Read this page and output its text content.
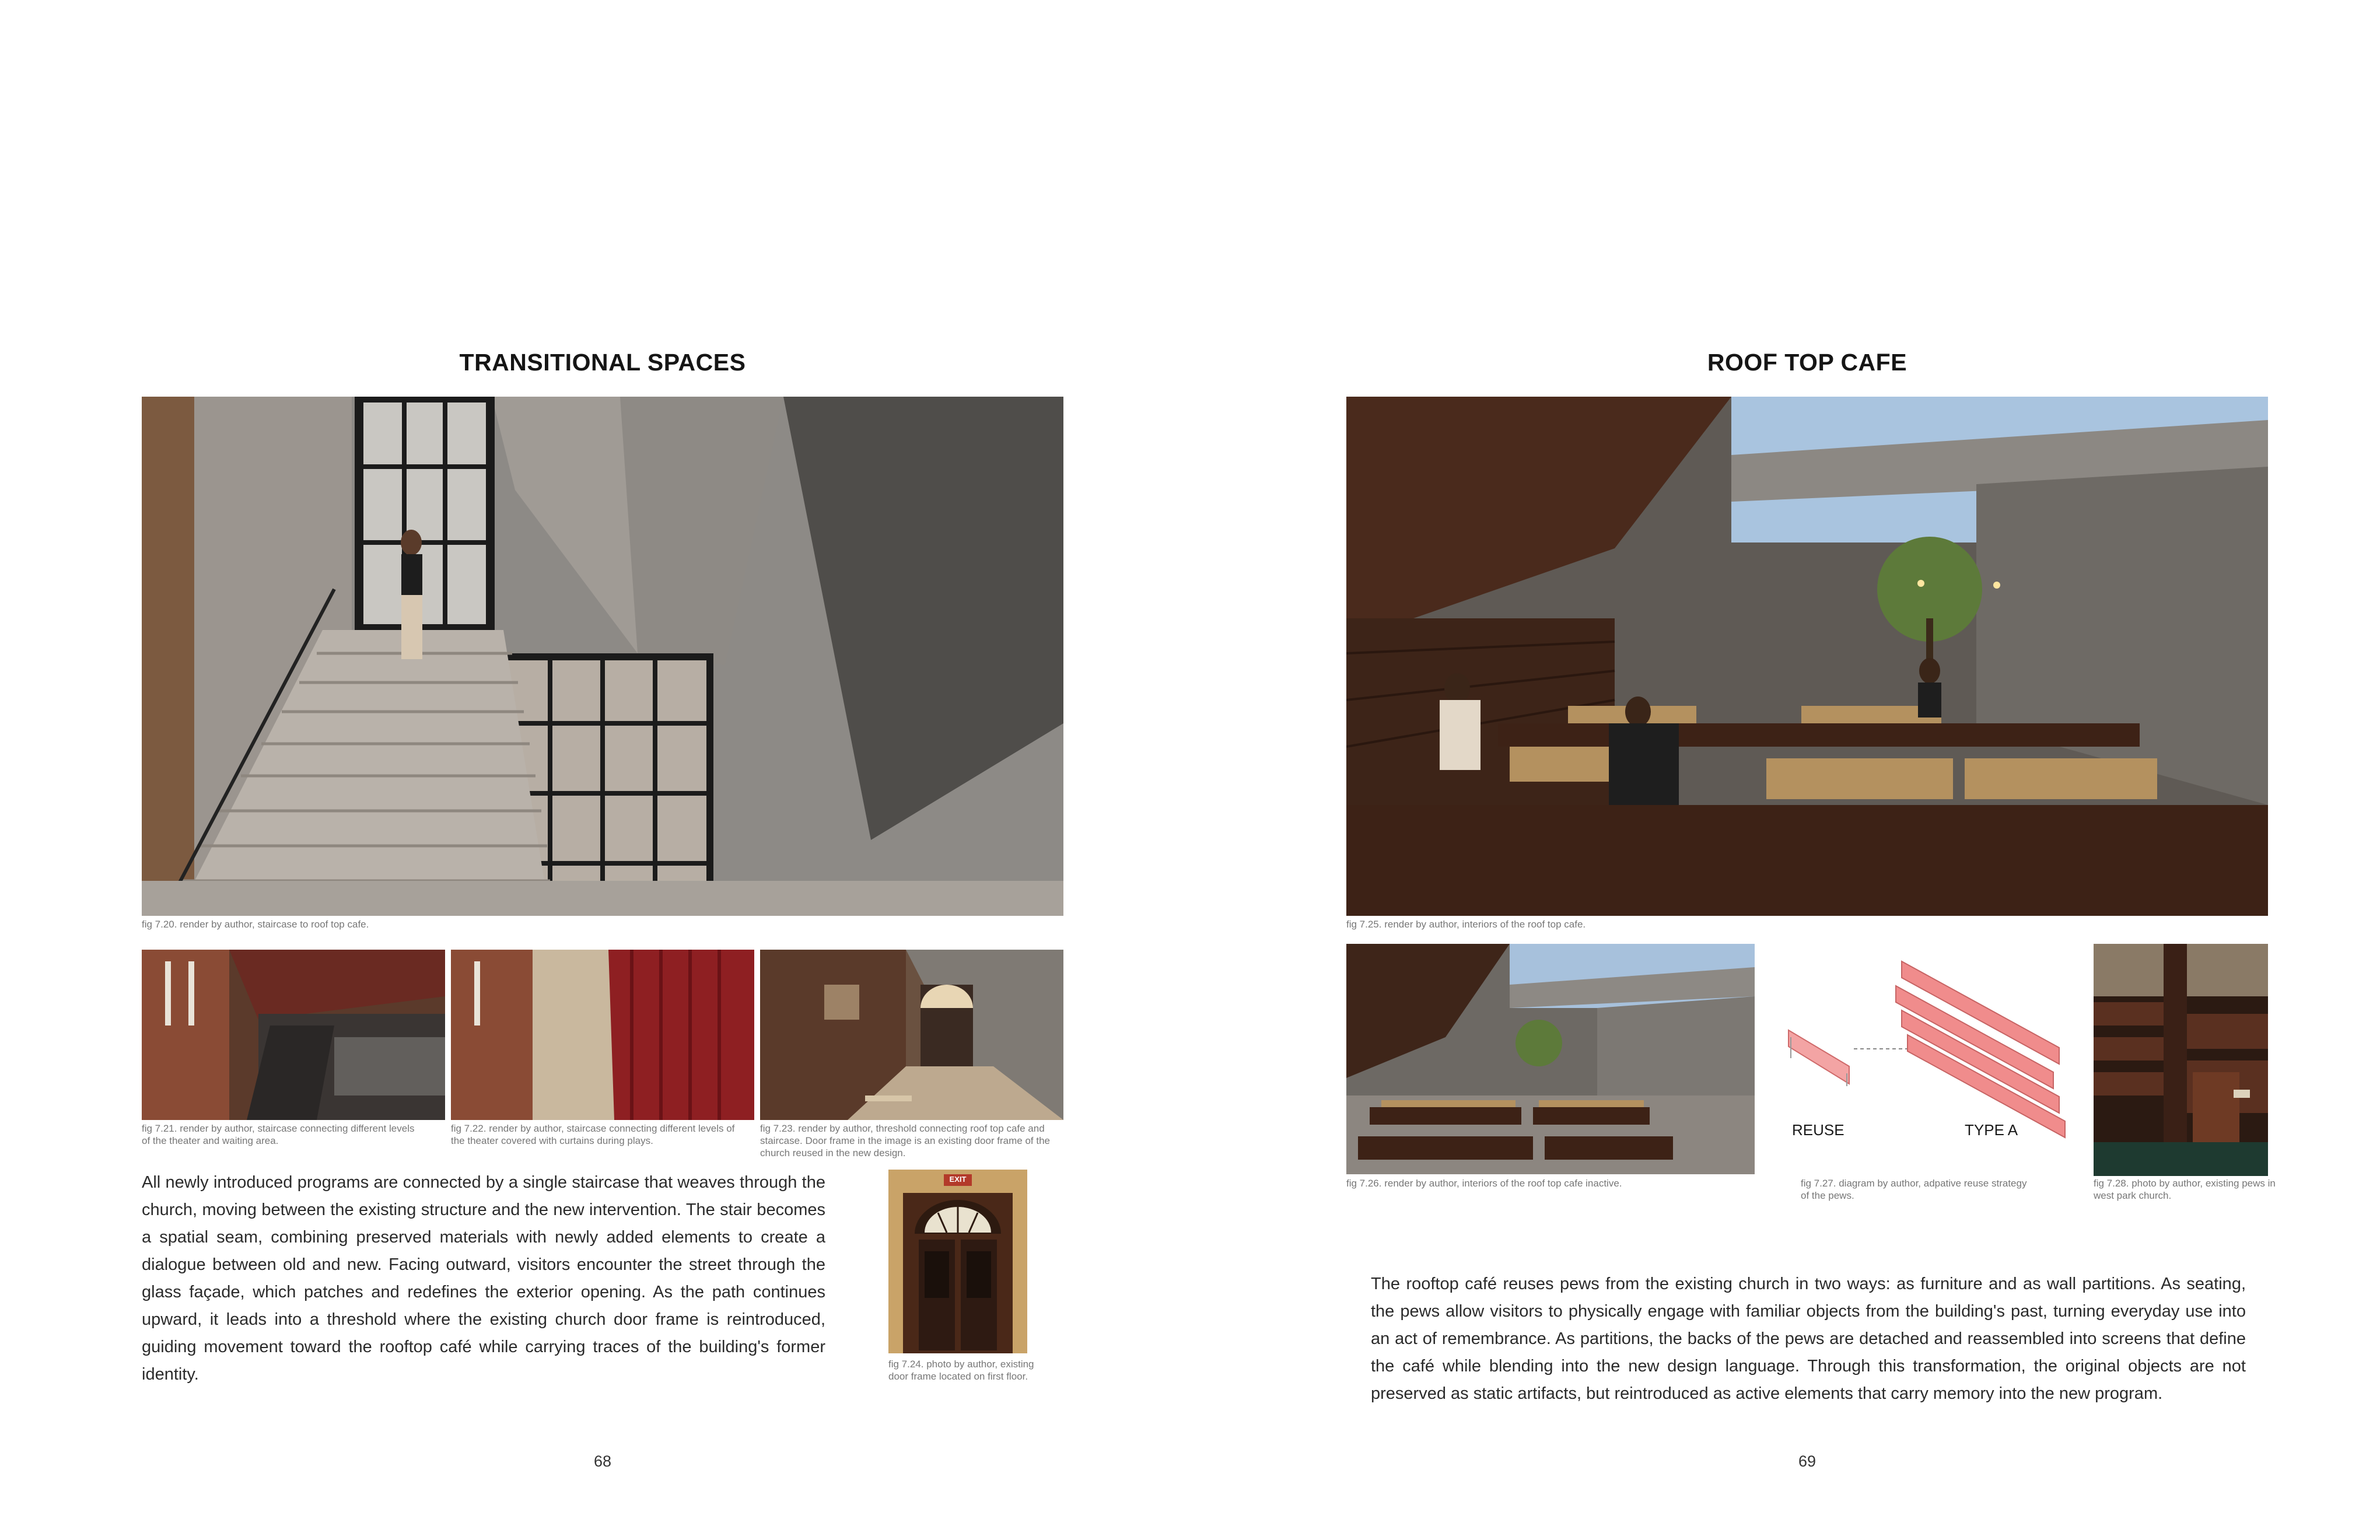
TRANSITIONAL SPACES
fig 7.20. render by author, staircase to roof top cafe.
fig 7.21. render by author, staircase connecting different levels of the theater and waiting area.
fig 7.22. render by author, staircase connecting different levels of the theater covered with curtains during plays.
fig 7.23. render by author, threshold connecting roof top cafe and staircase. Door frame in the image is an existing door frame of the church reused in the new design.
All newly introduced programs are connected by a single staircase that weaves through the church, moving between the existing structure and the new intervention. The stair becomes a spatial seam, combining preserved materials with newly added elements to create a dialogue between old and new. Facing outward, visitors encounter the street through the glass façade, which patches and redefines the exterior opening. As the path continues upward, it leads into a threshold where the existing church door frame is reintroduced, guiding movement toward the rooftop café while carrying traces of the building's former identity.
EXIT
fig 7.24. photo by author, existing door frame located on first floor.
68
ROOF TOP CAFE
fig 7.25. render by author, interiors of the roof top cafe.
fig 7.26. render by author, interiors of the roof top cafe inactive.
REUSE	TYPE A
fig 7.27. diagram by author, adpative reuse strategy of the pews.
fig 7.28. photo by author, existing pews in west park church.
The rooftop café reuses pews from the existing church in two ways: as furniture and as wall partitions. As seating, the pews allow visitors to physically engage with familiar objects from the building's past, turning everyday use into an act of remembrance. As partitions, the backs of the pews are detached and reassembled into screens that define the café while blending into the new design language. Through this transformation, the original objects are not preserved as static artifacts, but reintroduced as active elements that carry memory into the new program.
69
